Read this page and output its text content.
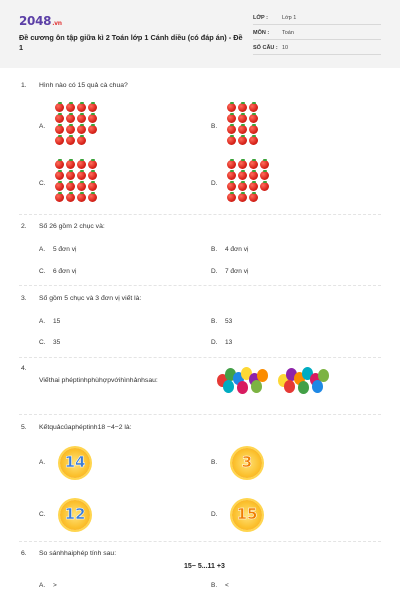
2048.vn
Đề cương ôn tập giữa kì 2 Toán lớp 1 Cánh diều (có đáp án) - Đề 1
LỚP :	Lớp 1
MÔN : Toán
SỐ CÂU : 10
1. Hình nào có 15 quả cà chua?
A.	B.
C.	D.
2. Số 26 gồm 2 chục và:
A. 5 đơn vị	B. 4 đơn vị
C. 6 đơn vị	D. 7 đơn vị
3. Số gồm 5 chục và 3 đơn vị viết là:
A. 15	B. 53
C. 35	D. 13
4.
Viếthai phéptinhphùhợpvớihìnhảnhsau:
5. Kếtquảcủaphéptinh18 −4−2 là:
A.	14	B.	3
C.	12	D.	15
6. So sánhhaiphép tính sau:
15− 5...11 +3
A. >	B. <
